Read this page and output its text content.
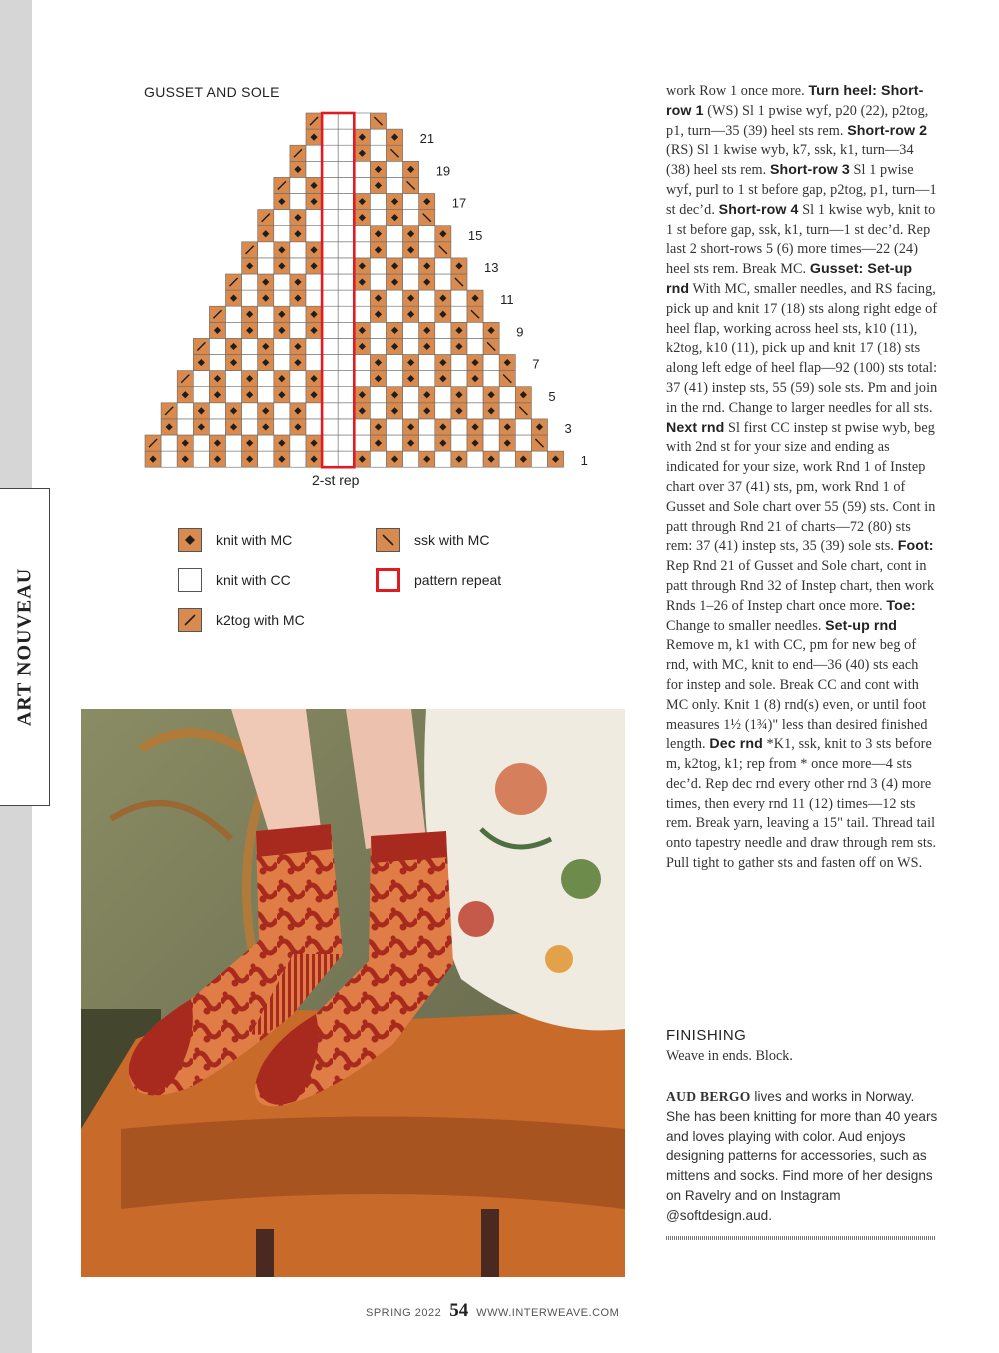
ART NOUVEAU
GUSSET AND SOLE
21
19
17
15
13
11
9
7
5
3
1
2-st rep
knit with MC
knit with CC
k2tog with MC
ssk with MC
pattern repeat
work Row 1 once more. Turn heel: Short-row 1 (WS) Sl 1 pwise wyf, p20 (22), p2tog, p1, turn—35 (39) heel sts rem. Short-row 2 (RS) Sl 1 kwise wyb, k7, ssk, k1, turn—34 (38) heel sts rem. Short-row 3 Sl 1 pwise wyf, purl to 1 st before gap, p2tog, p1, turn—1 st dec’d. Short-row 4 Sl 1 kwise wyb, knit to 1 st before gap, ssk, k1, turn—1 st dec’d. Rep last 2 short-rows 5 (6) more times—22 (24) heel sts rem. Break MC. Gusset: Set-up rnd With MC, smaller needles, and RS facing, pick up and knit 17 (18) sts along right edge of heel flap, working across heel sts, k10 (11), k2tog, k10 (11), pick up and knit 17 (18) sts along left edge of heel flap—92 (100) sts total: 37 (41) instep sts, 55 (59) sole sts. Pm and join in the rnd. Change to larger needles for all sts. Next rnd Sl first CC instep st pwise wyb, beg with 2nd st for your size and ending as indicated for your size, work Rnd 1 of Instep chart over 37 (41) sts, pm, work Rnd 1 of Gusset and Sole chart over 55 (59) sts. Cont in patt through Rnd 21 of charts—72 (80) sts rem: 37 (41) instep sts, 35 (39) sole sts. Foot: Rep Rnd 21 of Gusset and Sole chart, cont in patt through Rnd 32 of Instep chart, then work Rnds 1–26 of Instep chart once more. Toe: Change to smaller needles. Set-up rnd Remove m, k1 with CC, pm for new beg of rnd, with MC, knit to end—36 (40) sts each for instep and sole. Break CC and cont with MC only. Knit 1 (8) rnd(s) even, or until foot measures 1½ (1¾)" less than desired finished length. Dec rnd *K1, ssk, knit to 3 sts before m, k2tog, k1; rep from * once more—4 sts dec’d. Rep dec rnd every other rnd 3 (4) more times, then every rnd 11 (12) times—12 sts rem. Break yarn, leaving a 15" tail. Thread tail onto tapestry needle and draw through rem sts. Pull tight to gather sts and fasten off on WS.
FINISHING
Weave in ends. Block.
AUD BERGO lives and works in Norway. She has been knitting for more than 40 years and loves playing with color. Aud enjoys designing patterns for accessories, such as mittens and socks. Find more of her designs on Ravelry and on Instagram @softdesign.aud.
SPRING 2022 54 WWW.INTERWEAVE.COM
